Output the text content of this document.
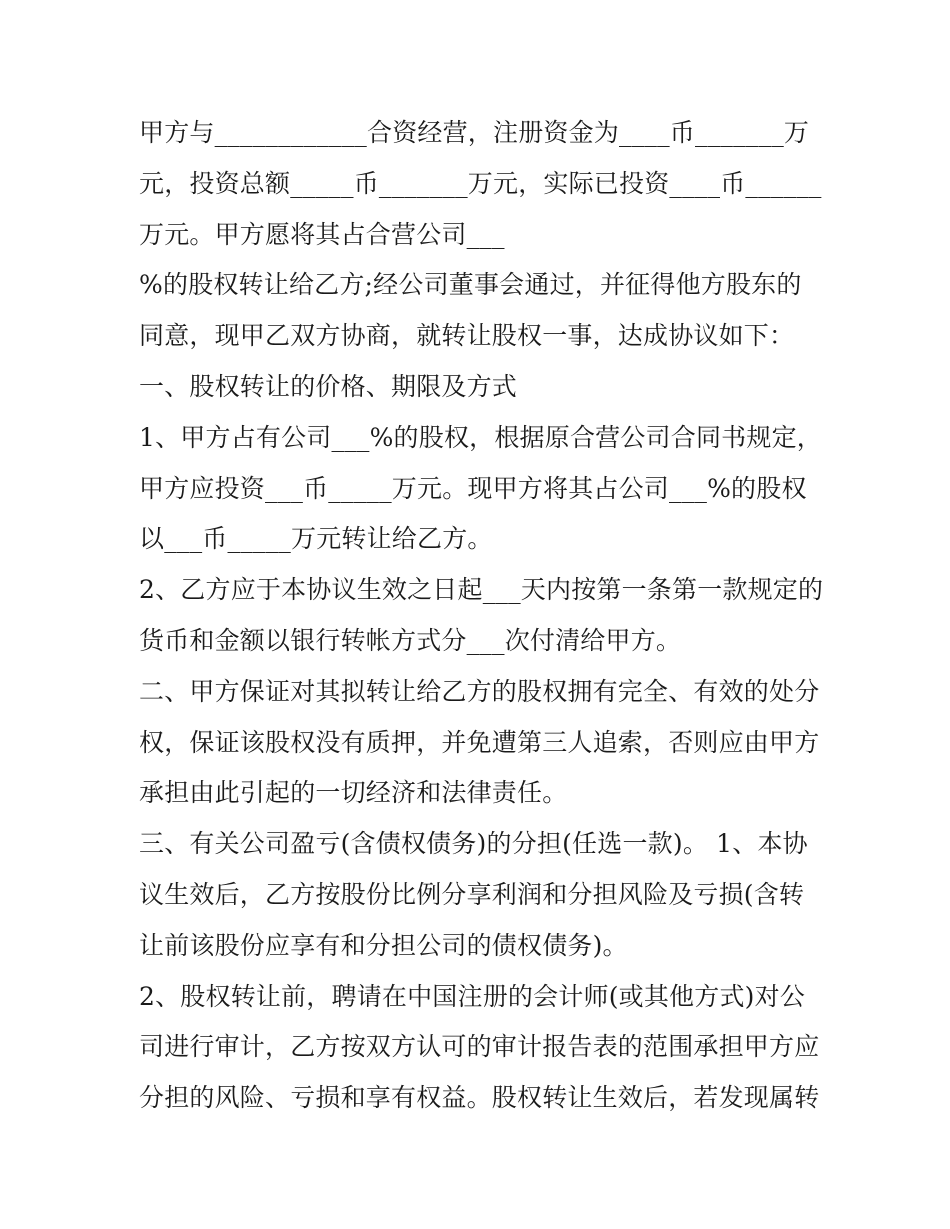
甲方与____________合资经营，注册资金为____币_______万
元，投资总额_____币_______万元，实际已投资____币______
万元。甲方愿将其占合营公司___
%的股权转让给乙方;经公司董事会通过，并征得他方股东的
同意，现甲乙双方协商，就转让股权一事，达成协议如下：
一、股权转让的价格、期限及方式
1、甲方占有公司___%的股权，根据原合营公司合同书规定，
甲方应投资___币_____万元。现甲方将其占公司___%的股权
以___币_____万元转让给乙方。
2、乙方应于本协议生效之日起___天内按第一条第一款规定的
货币和金额以银行转帐方式分___次付清给甲方。
二、甲方保证对其拟转让给乙方的股权拥有完全、有效的处分
权，保证该股权没有质押，并免遭第三人追索，否则应由甲方
承担由此引起的一切经济和法律责任。
三、有关公司盈亏(含债权债务)的分担(任选一款)。 1、本协
议生效后，乙方按股份比例分享利润和分担风险及亏损(含转
让前该股份应享有和分担公司的债权债务)。
2、股权转让前，聘请在中国注册的会计师(或其他方式)对公
司进行审计，乙方按双方认可的审计报告表的范围承担甲方应
分担的风险、亏损和享有权益。股权转让生效后，若发现属转
